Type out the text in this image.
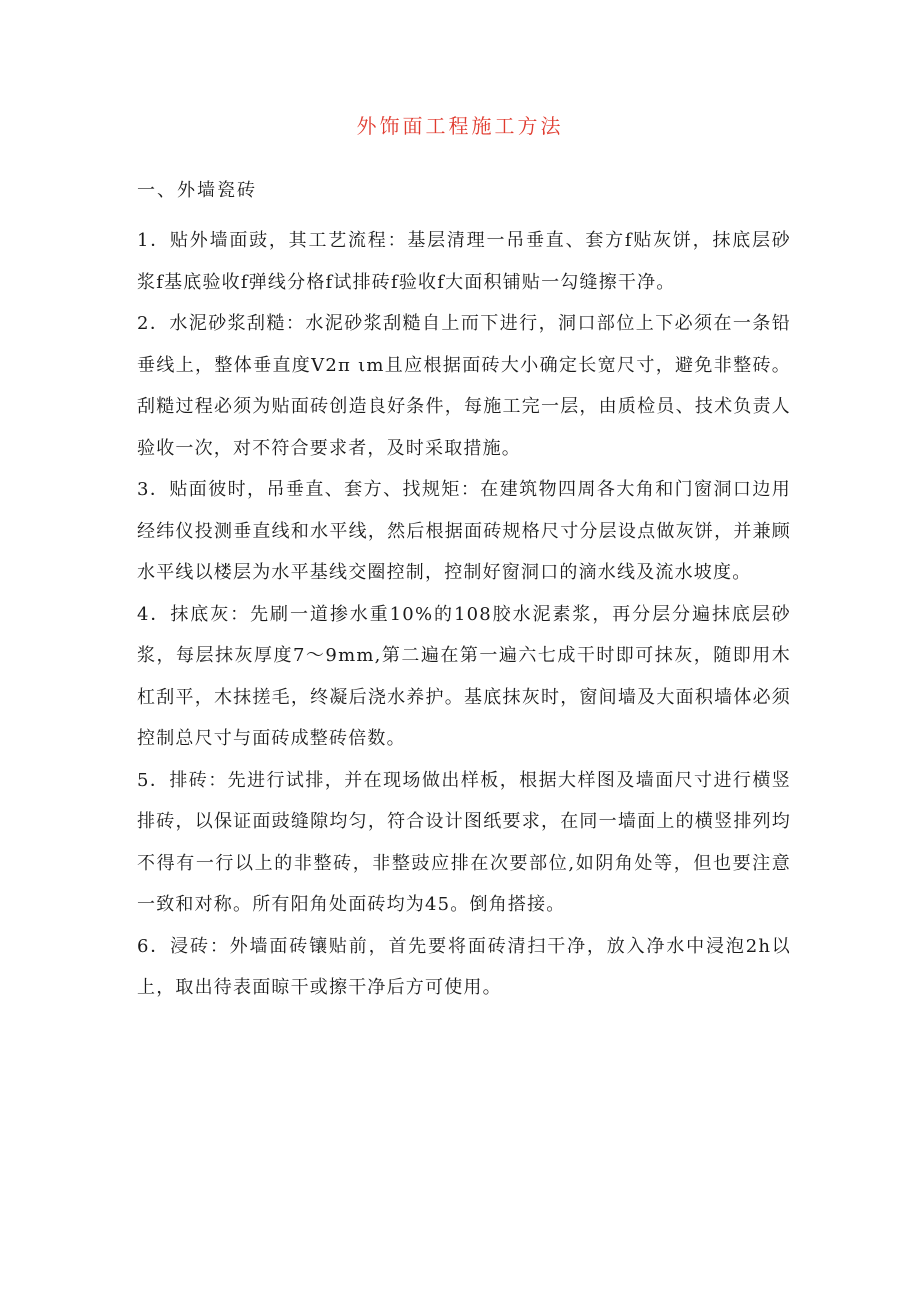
外饰面工程施工方法
一、外墙瓷砖

1．贴外墙面豉，其工艺流程：基层清理一吊垂直、套方f贴灰饼，抹底层砂浆f基底验收f弹线分格f试排砖f验收f大面积铺贴一勾缝擦干净。

2．水泥砂浆刮糙：水泥砂浆刮糙自上而下进行，洞口部位上下必须在一条铅垂线上，整体垂直度V2π ιm且应根据面砖大小确定长宽尺寸，避免非整砖。刮糙过程必须为贴面砖创造良好条件，每施工完一层，由质检员、技术负责人验收一次，对不符合要求者，及时采取措施。

3．贴面彼时，吊垂直、套方、找规矩：在建筑物四周各大角和门窗洞口边用经纬仪投测垂直线和水平线，然后根据面砖规格尺寸分层设点做灰饼，并兼顾水平线以楼层为水平基线交圈控制，控制好窗洞口的滴水线及流水坡度。

4．抹底灰：先刷一道掺水重10%的108胶水泥素浆，再分层分遍抹底层砂浆，每层抹灰厚度7～9mm,第二遍在第一遍六七成干时即可抹灰，随即用木杠刮平，木抹搓毛，终凝后浇水养护。基底抹灰时，窗间墙及大面积墙体必须控制总尺寸与面砖成整砖倍数。

5．排砖：先进行试排，并在现场做出样板，根据大样图及墙面尺寸进行横竖排砖，以保证面豉缝隙均匀，符合设计图纸要求，在同一墙面上的横竖排列均不得有一行以上的非整砖，非整豉应排在次要部位,如阴角处等，但也要注意一致和对称。所有阳角处面砖均为45。倒角搭接。

6．浸砖：外墙面砖镶贴前，首先要将面砖清扫干净，放入净水中浸泡2h以上，取出待表面晾干或擦干净后方可使用。
